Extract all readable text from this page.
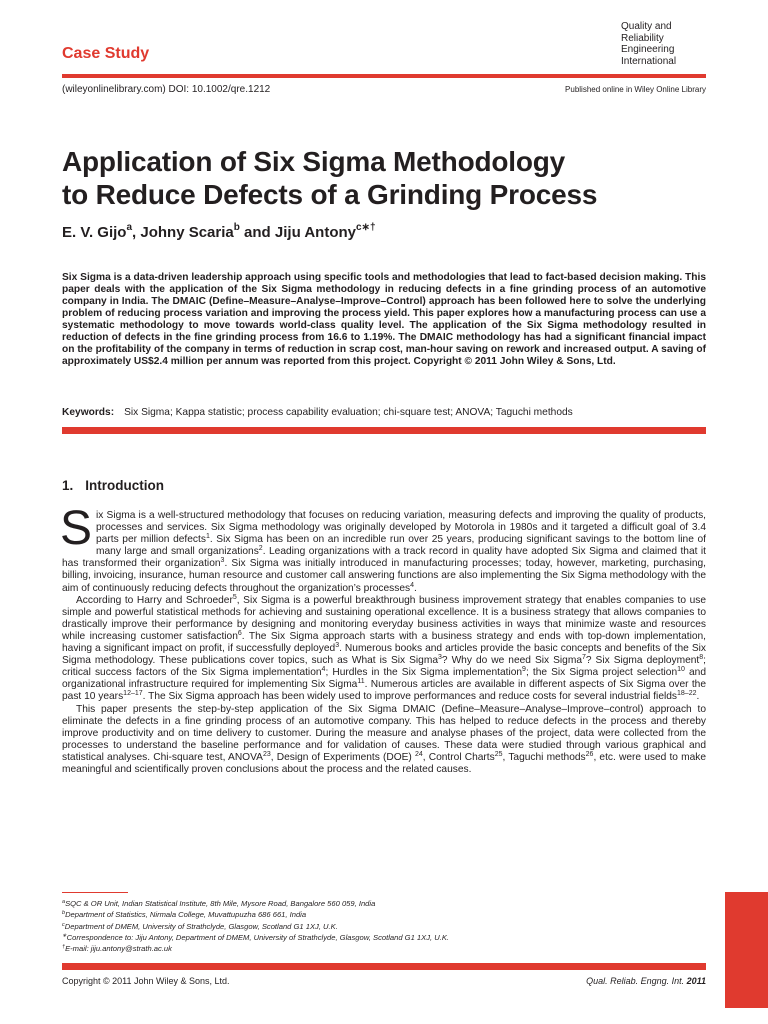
Case Study
Quality and
Reliability
Engineering
International
(wileyonlinelibrary.com) DOI: 10.1002/qre.1212	Published online in Wiley Online Library
Application of Six Sigma Methodology
to Reduce Defects of a Grinding Process
E. V. Gijo$^a$, Johny Scaria$^b$ and Jiju Antony$^{c∗\dagger}$
Six Sigma is a data-driven leadership approach using specific tools and methodologies that lead to fact-based decision making. This paper deals with the application of the Six Sigma methodology in reducing defects in a fine grinding process of an automotive company in India. The DMAIC (Define–Measure–Analyse–Improve–Control) approach has been followed here to solve the underlying problem of reducing process variation and improving the process yield. This paper explores how a manufacturing process can use a systematic methodology to move towards world-class quality level. The application of the Six Sigma methodology resulted in reduction of defects in the fine grinding process from 16.6 to 1.19%. The DMAIC methodology has had a significant financial impact on the profitability of the company in terms of reduction in scrap cost, man-hour saving on rework and increased output. A saving of approximately US$2.4 million per annum was reported from this project. Copyright © 2011 John Wiley & Sons, Ltd.
Keywords: Six Sigma; Kappa statistic; process capability evaluation; chi-square test; ANOVA; Taguchi methods
1. Introduction

Six Sigma is a well-structured methodology that focuses on reducing variation, measuring defects and improving the quality of products, processes and services. Six Sigma methodology was originally developed by Motorola in 1980s and it targeted a difficult goal of 3.4 parts per million defects$^1$. Six Sigma has been on an incredible run over 25 years, producing significant savings to the bottom line of many large and small organizations$^2$. Leading organizations with a track record in quality have adopted Six Sigma and claimed that it has transformed their organization$^3$. Six Sigma was initially introduced in manufacturing processes; today, however, marketing, purchasing, billing, invoicing, insurance, human resource and customer call answering functions are also implementing the Six Sigma methodology with the aim of continuously reducing defects throughout the organization’s processes$^4$.

According to Harry and Schroeder$^5$, Six Sigma is a powerful breakthrough business improvement strategy that enables companies to use simple and powerful statistical methods for achieving and sustaining operational excellence. It is a business strategy that allows companies to drastically improve their performance by designing and monitoring everyday business activities in ways that minimize waste and resources while increasing customer satisfaction$^6$. The Six Sigma approach starts with a business strategy and ends with top-down implementation, having a significant impact on profit, if successfully deployed$^3$. Numerous books and articles provide the basic concepts and benefits of the Six Sigma methodology. These publications cover topics, such as What is Six Sigma$^3$? Why do we need Six Sigma$^7$? Six Sigma deployment$^8$; critical success factors of the Six Sigma implementation$^4$; Hurdles in the Six Sigma implementation$^9$; the Six Sigma project selection$^{10}$ and organizational infrastructure required for implementing Six Sigma$^{11}$. Numerous articles are available in different aspects of Six Sigma over the past 10 years$^{12-17}$. The Six Sigma approach has been widely used to improve performances and reduce costs for several industrial fields$^{18-22}$.

This paper presents the step-by-step application of the Six Sigma DMAIC (Define–Measure–Analyse–Improve–control) approach to eliminate the defects in a fine grinding process of an automotive company. This has helped to reduce defects in the process and thereby improve productivity and on time delivery to customer. During the measure and analyse phases of the project, data were collected from the processes to understand the baseline performance and for validation of causes. These data were studied through various graphical and statistical analyses. Chi-square test, ANOVA$^{23}$, Design of Experiments (DOE) $^{24}$, Control Charts$^{25}$, Taguchi methods$^{26}$, etc. were used to make meaningful and scientifically proven conclusions about the process and the related causes.

$^a$SQC & OR Unit, Indian Statistical Institute, 8th Mile, Mysore Road, Bangalore 560 059, India
$^b$Department of Statistics, Nirmala College, Muvattupuzha 686 661, India
$^c$Department of DMEM, University of Strathclyde, Glasgow, Scotland G1 1XJ, U.K.
∗Correspondence to: Jiju Antony, Department of DMEM, University of Strathclyde, Glasgow, Scotland G1 1XJ, U.K.
†E-mail: jiju.antony@strath.ac.uk
Copyright © 2011 John Wiley & Sons, Ltd.	Qual. Reliab. Engng. Int. 2011
